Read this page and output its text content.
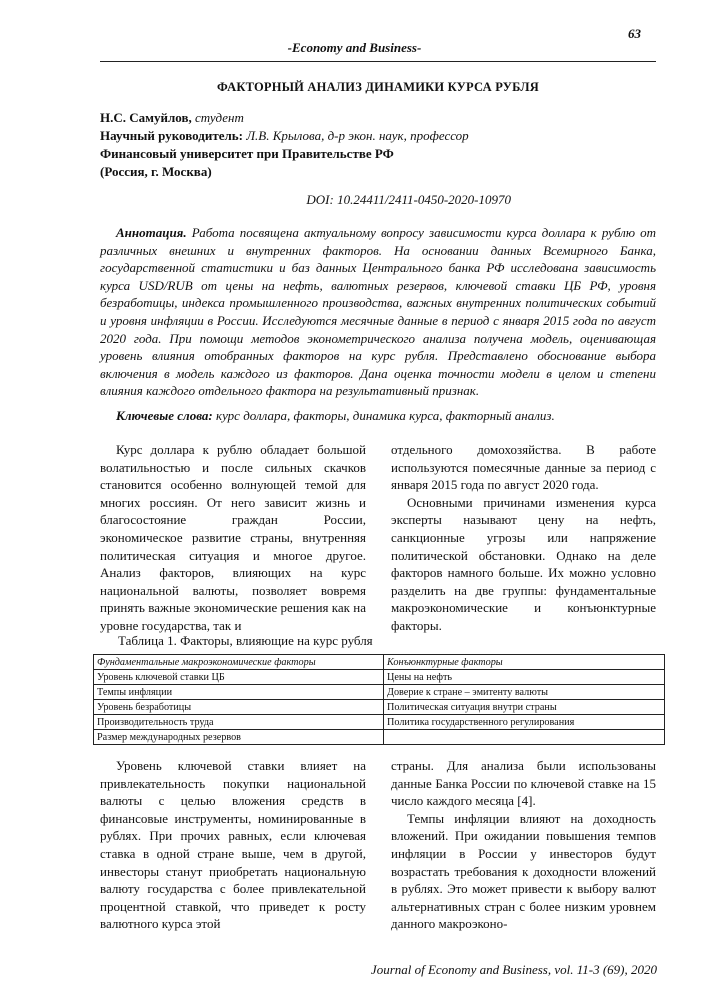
63
-Economy and Business-
ФАКТОРНЫЙ АНАЛИЗ ДИНАМИКИ КУРСА РУБЛЯ
Н.С. Самуйлов, студент
Научный руководитель: Л.В. Крылова, д-р экон. наук, профессор
Финансовый университет при Правительстве РФ
(Россия, г. Москва)
DOI: 10.24411/2411-0450-2020-10970

Аннотация. Работа посвящена актуальному вопросу зависимости курса доллара к рублю от различных внешних и внутренних факторов. На основании данных Всемирного Банка, государственной статистики и баз данных Центрального банка РФ исследована зависимость курса USD/RUB от цены на нефть, валютных резервов, ключевой ставки ЦБ РФ, уровня безработицы, индекса промышленного производства, важных внутренних политических событий и уровня инфляции в России. Исследуются месячные данные в период с января 2015 года по август 2020 года. При помощи методов эконометрического анализа получена модель, оценивающая уровень влияния отобранных факторов на курс рубля. Представлено обоснование выбора включения в модель каждого из факторов. Дана оценка точности модели в целом и степени влияния каждого отдельного фактора на результативный признак.

Ключевые слова: курс доллара, факторы, динамика курса, факторный анализ.

Курс доллара к рублю обладает большой волатильностью и после сильных скачков становится особенно волнующей темой для многих россиян. От него зависит жизнь и благосостояние граждан России, экономическое развитие страны, внутренняя политическая ситуация и многое другое. Анализ факторов, влияющих на курс национальной валюты, позволяет вовремя принять важные экономические решения как на уровне государства, так и

отдельного домохозяйства. В работе используются помесячные данные за период с января 2015 года по август 2020 года.

Основными причинами изменения курса эксперты называют цену на нефть, санкционные угрозы или напряжение политической обстановки. Однако на деле факторов намного больше. Их можно условно разделить на две группы: фундаментальные макроэкономические и конъюнктурные факторы.

Таблица 1. Факторы, влияющие на курс рубля
Фундаментальные макроэкономические факторы	Конъюнктурные факторы
Уровень ключевой ставки ЦБ	Цены на нефть
Темпы инфляции	Доверие к стране – эмитенту валюты
Уровень безработицы	Политическая ситуация внутри страны
Производительность труда	Политика государственного регулирования
Размер международных резервов	

Уровень ключевой ставки влияет на привлекательность покупки национальной валюты с целью вложения средств в финансовые инструменты, номинированные в рублях. При прочих равных, если ключевая ставка в одной стране выше, чем в другой, инвесторы станут приобретать национальную валюту государства с более привлекательной процентной ставкой, что приведет к росту валютного курса этой

страны. Для анализа были использованы данные Банка России по ключевой ставке на 15 число каждого месяца [4].

Темпы инфляции влияют на доходность вложений. При ожидании повышения темпов инфляции в России у инвесторов будут возрастать требования к доходности вложений в рублях. Это может привести к выбору валют альтернативных стран с более низким уровнем данного макроэконо-

Journal of Economy and Business, vol. 11-3 (69), 2020
